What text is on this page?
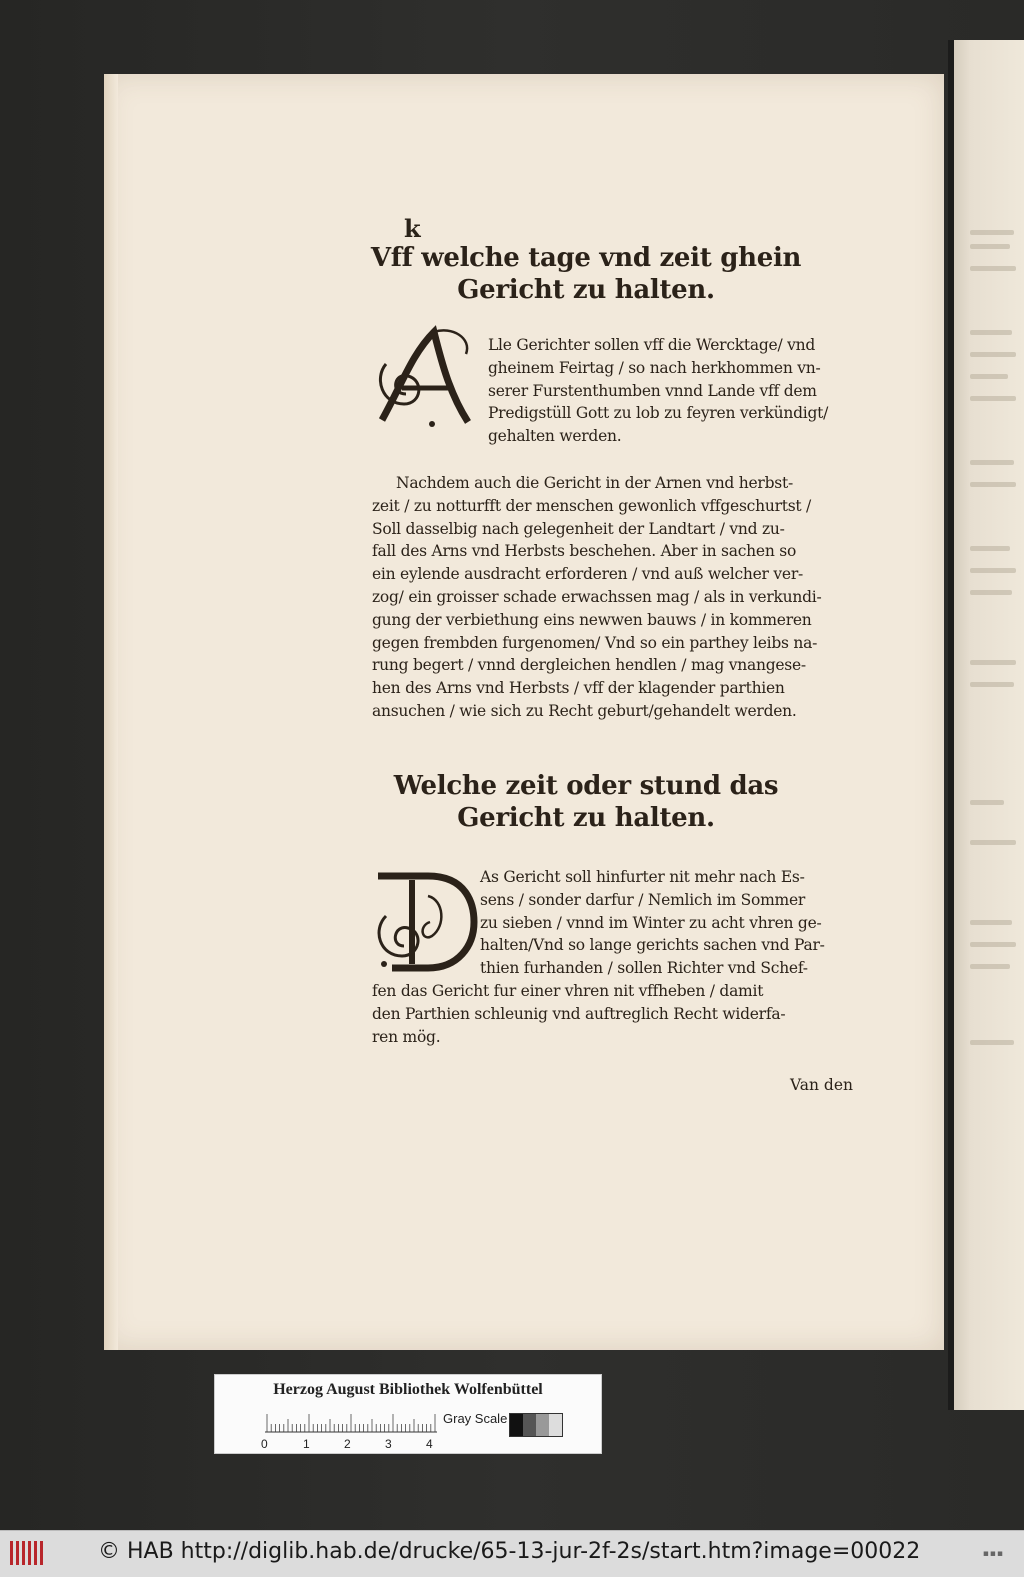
k
Vff welche tage vnd zeit ghein
Gericht zu halten.
Lle Gerichter sollen vff die Wercktage/ vnd
gheinem Feirtag / so nach herkhommen vn-
serer Furstenthumben vnnd Lande vff dem
Predigstüll Gott zu lob zu feyren verkündigt/
gehalten werden.
Nachdem auch die Gericht in der Arnen vnd herbst-
zeit / zu notturfft der menschen gewonlich vffgeschurtst /
Soll dasselbig nach gelegenheit der Landtart / vnd zu-
fall des Arns vnd Herbsts beschehen. Aber in sachen so
ein eylende ausdracht erforderen / vnd auß welcher ver-
zog/ ein groisser schade erwachssen mag / als in verkundi-
gung der verbiethung eins newwen bauws / in kommeren
gegen frembden furgenomen/ Vnd so ein parthey leibs na-
rung begert / vnnd dergleichen hendlen / mag vnangese-
hen des Arns vnd Herbsts / vff der klagender parthien
ansuchen / wie sich zu Recht geburt/gehandelt werden.
Welche zeit oder stund das
Gericht zu halten.
As Gericht soll hinfurter nit mehr nach Es-
sens / sonder darfur / Nemlich im Sommer
zu sieben / vnnd im Winter zu acht vhren ge-
halten/Vnd so lange gerichts sachen vnd Par-
thien furhanden / sollen Richter vnd Schef-
fen das Gericht fur einer vhren nit vffheben / damit
den Parthien schleunig vnd auftreglich Recht widerfa-
ren mög.
Van den
Herzog August Bibliothek Wolfenbüttel
0	1	2	3	4
Gray Scale
© HAB http://diglib.hab.de/drucke/65-13-jur-2f-2s/start.htm?image=00022	▪▪▪
